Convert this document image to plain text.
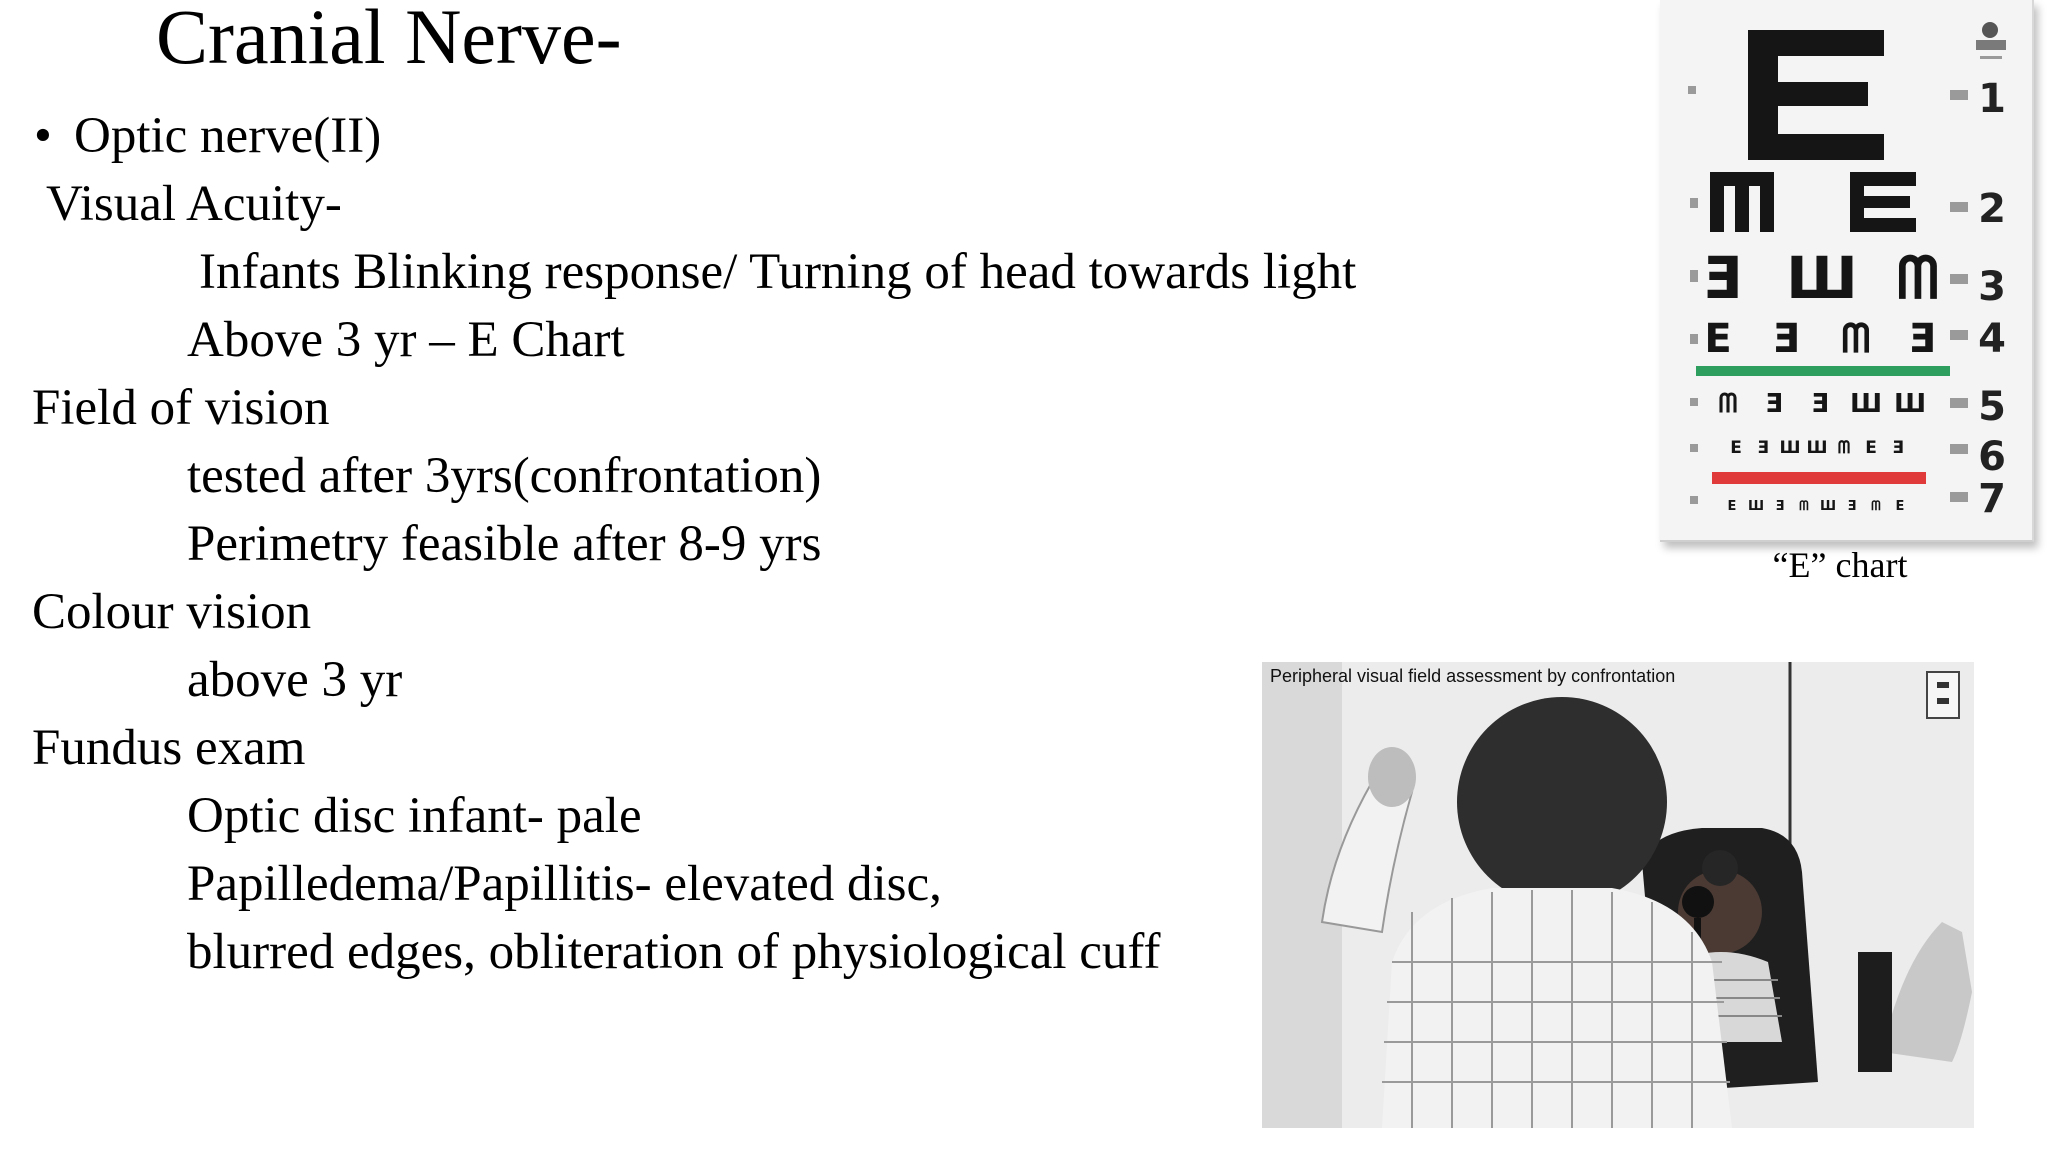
Cranial Nerve-
• Optic nerve(II)
Visual Acuity-
Infants Blinking response/ Turning of head towards light
Above 3 yr – E Chart
Field of vision
tested after 3yrs(confrontation)
Perimetry feasible after 8-9 yrs
Colour vision
above 3 yr
Fundus exam
Optic disc infant- pale
Papilledema/Papillitis- elevated disc,
blurred edges, obliteration of physiological cuff
Ǝ Ш ᗰ
E Ǝ ᗰ Ǝ
ᗰ Ǝ Ǝ Ш Ш
E Ǝ Ш Ш ᗰ E Ǝ
E Ш Ǝ ᗰ Ш Ǝ ᗰ E
1
2
3
4
5
6
7
“E” chart
Peripheral visual field assessment by confrontation
